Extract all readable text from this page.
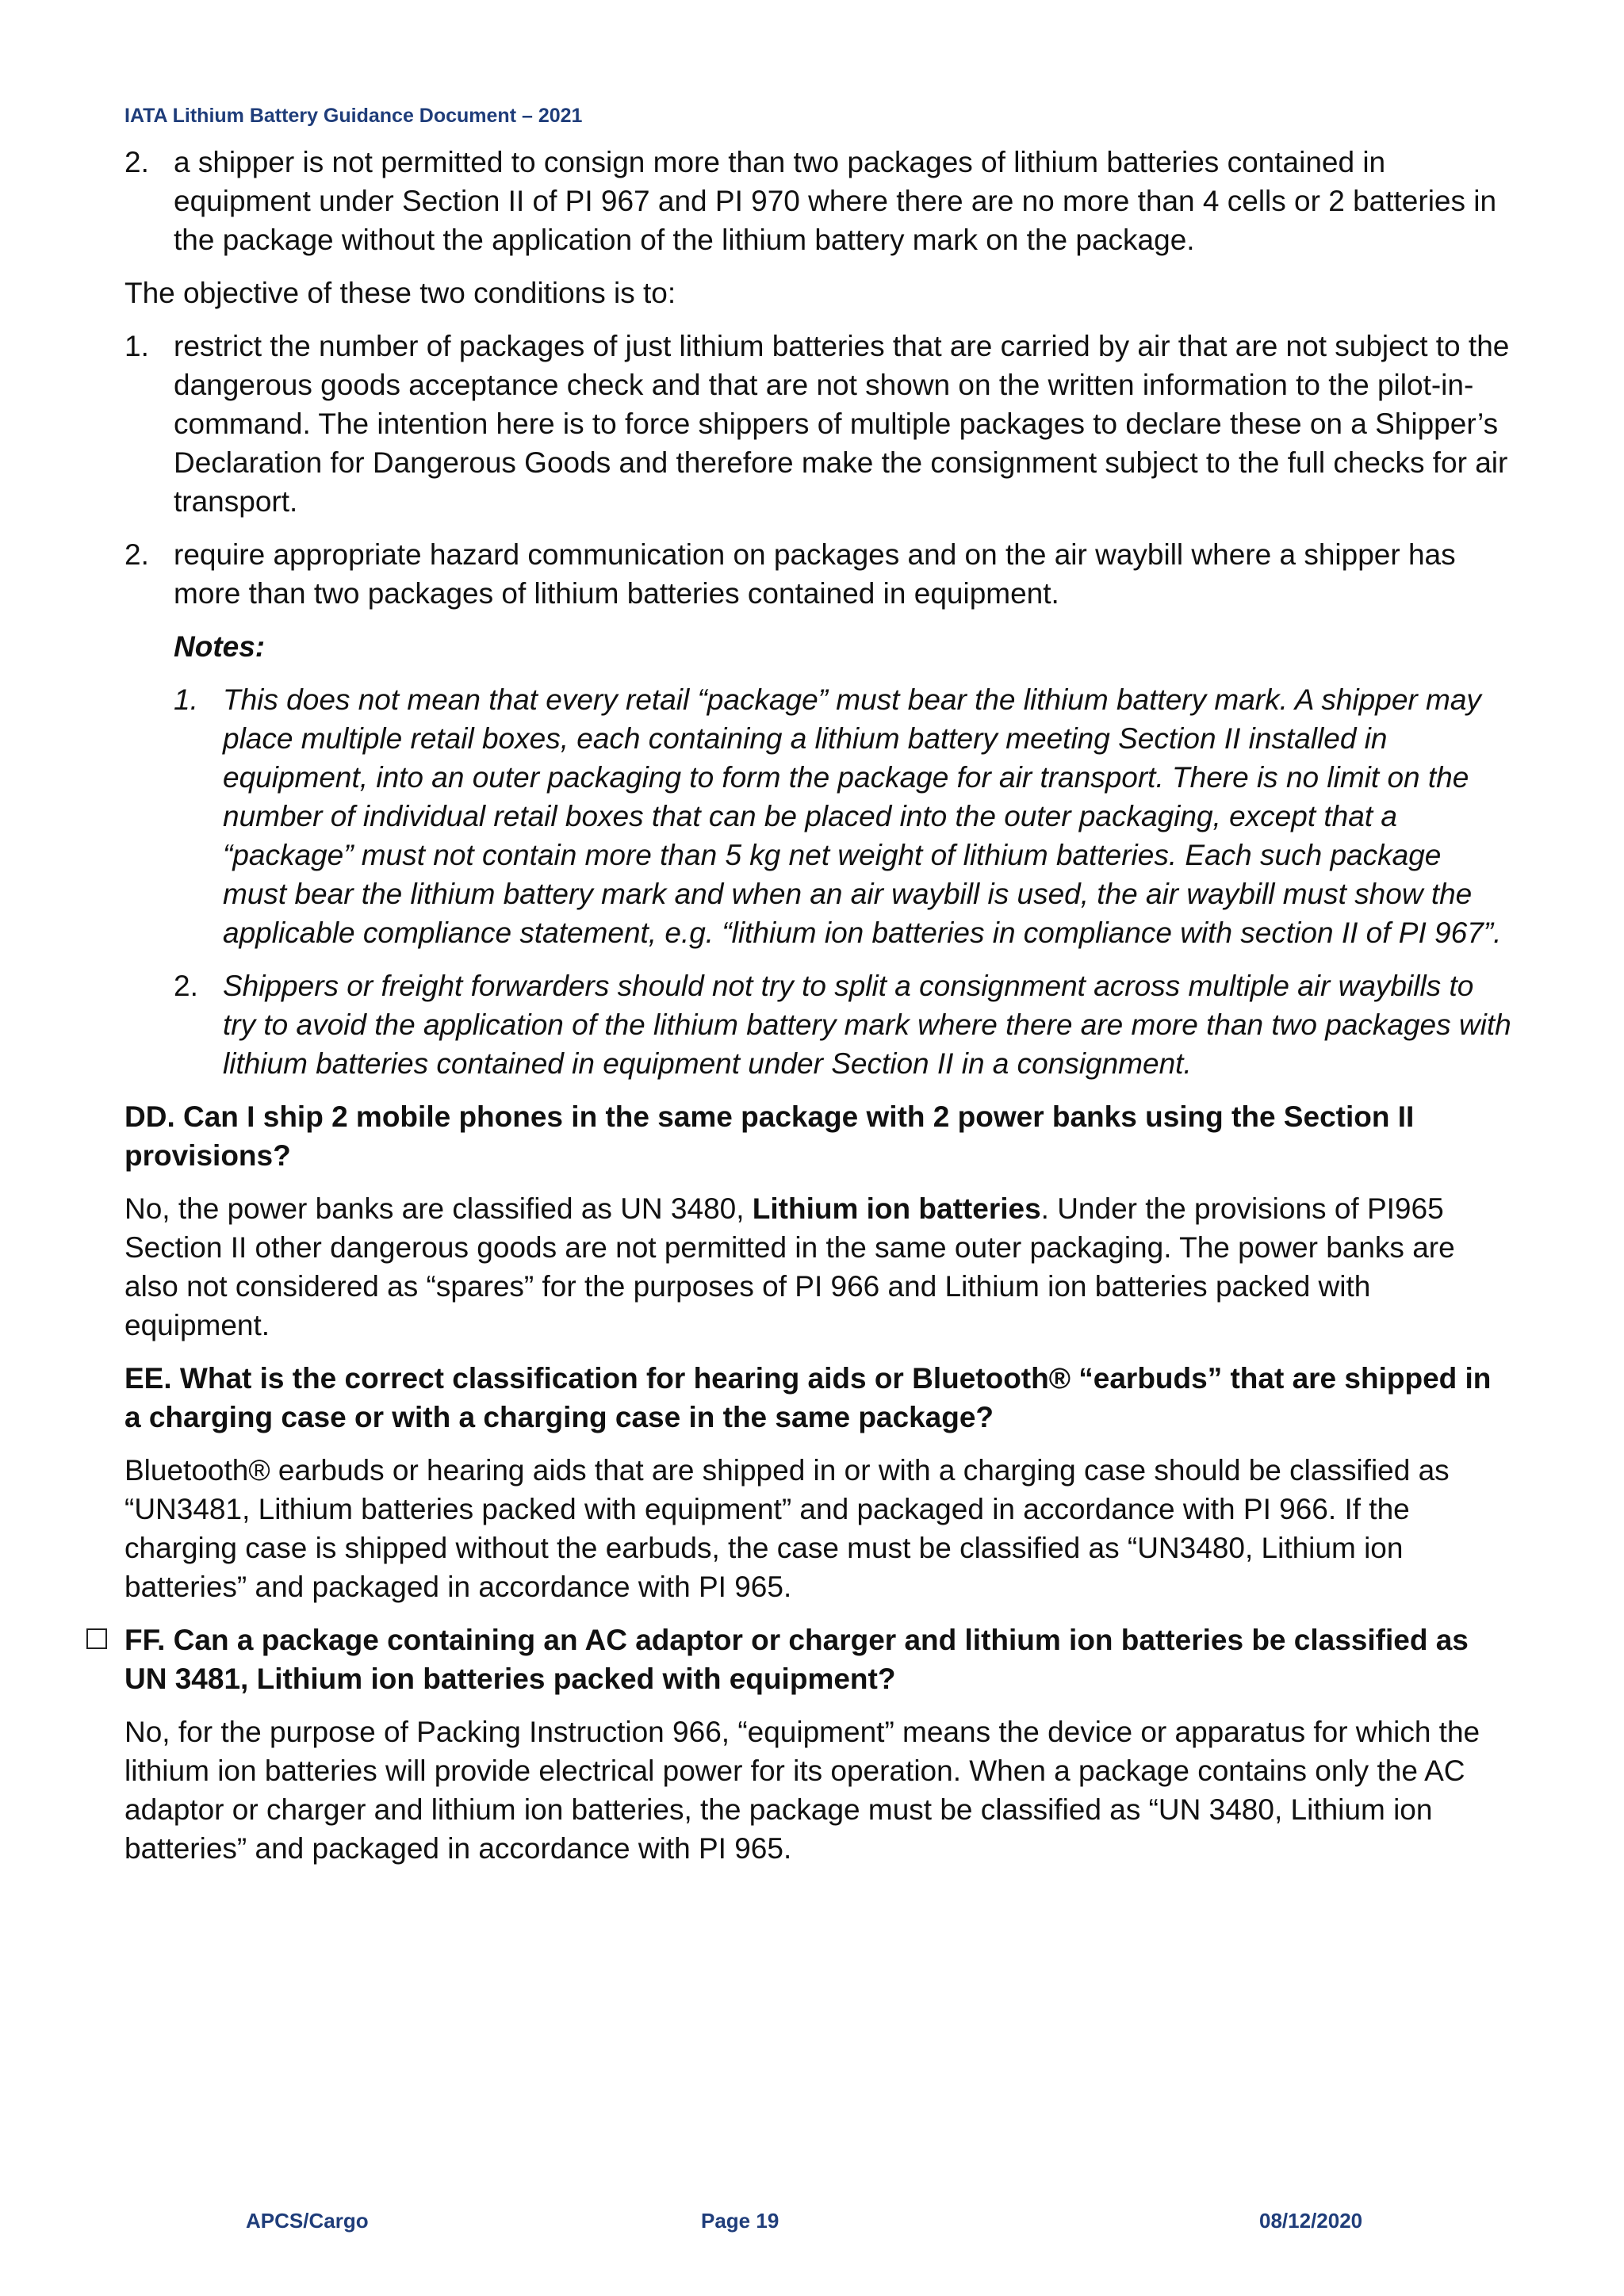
IATA Lithium Battery Guidance Document – 2021
2. a shipper is not permitted to consign more than two packages of lithium batteries contained in equipment under Section II of PI 967 and PI 970 where there are no more than 4 cells or 2 batteries in the package without the application of the lithium battery mark on the package.

The objective of these two conditions is to:

1. restrict the number of packages of just lithium batteries that are carried by air that are not subject to the dangerous goods acceptance check and that are not shown on the written information to the pilot-in-command. The intention here is to force shippers of multiple packages to declare these on a Shipper’s Declaration for Dangerous Goods and therefore make the consignment subject to the full checks for air transport.
2. require appropriate hazard communication on packages and on the air waybill where a shipper has more than two packages of lithium batteries contained in equipment.
Notes:
1. This does not mean that every retail “package” must bear the lithium battery mark. A shipper may place multiple retail boxes, each containing a lithium battery meeting Section II installed in equipment, into an outer packaging to form the package for air transport. There is no limit on the number of individual retail boxes that can be placed into the outer packaging, except that a “package” must not contain more than 5 kg net weight of lithium batteries. Each such package must bear the lithium battery mark and when an air waybill is used, the air waybill must show the applicable compliance statement, e.g. “lithium ion batteries in compliance with section II of PI 967”.
2. Shippers or freight forwarders should not try to split a consignment across multiple air waybills to try to avoid the application of the lithium battery mark where there are more than two packages with lithium batteries contained in equipment under Section II in a consignment.

DD. Can I ship 2 mobile phones in the same package with 2 power banks using the Section II provisions?

No, the power banks are classified as UN 3480, Lithium ion batteries. Under the provisions of PI965 Section II other dangerous goods are not permitted in the same outer packaging. The power banks are also not considered as “spares” for the purposes of PI 966 and Lithium ion batteries packed with equipment.

EE. What is the correct classification for hearing aids or Bluetooth® “earbuds” that are shipped in a charging case or with a charging case in the same package?

Bluetooth® earbuds or hearing aids that are shipped in or with a charging case should be classified as “UN3481, Lithium batteries packed with equipment” and packaged in accordance with PI 966. If the charging case is shipped without the earbuds, the case must be classified as “UN3480, Lithium ion batteries” and packaged in accordance with PI 965.

FF. Can a package containing an AC adaptor or charger and lithium ion batteries be classified as UN 3481, Lithium ion batteries packed with equipment?

No, for the purpose of Packing Instruction 966, “equipment” means the device or apparatus for which the lithium ion batteries will provide electrical power for its operation. When a package contains only the AC adaptor or charger and lithium ion batteries, the package must be classified as “UN 3480, Lithium ion batteries” and packaged in accordance with PI 965.

APCS/Cargo	Page 19	08/12/2020
